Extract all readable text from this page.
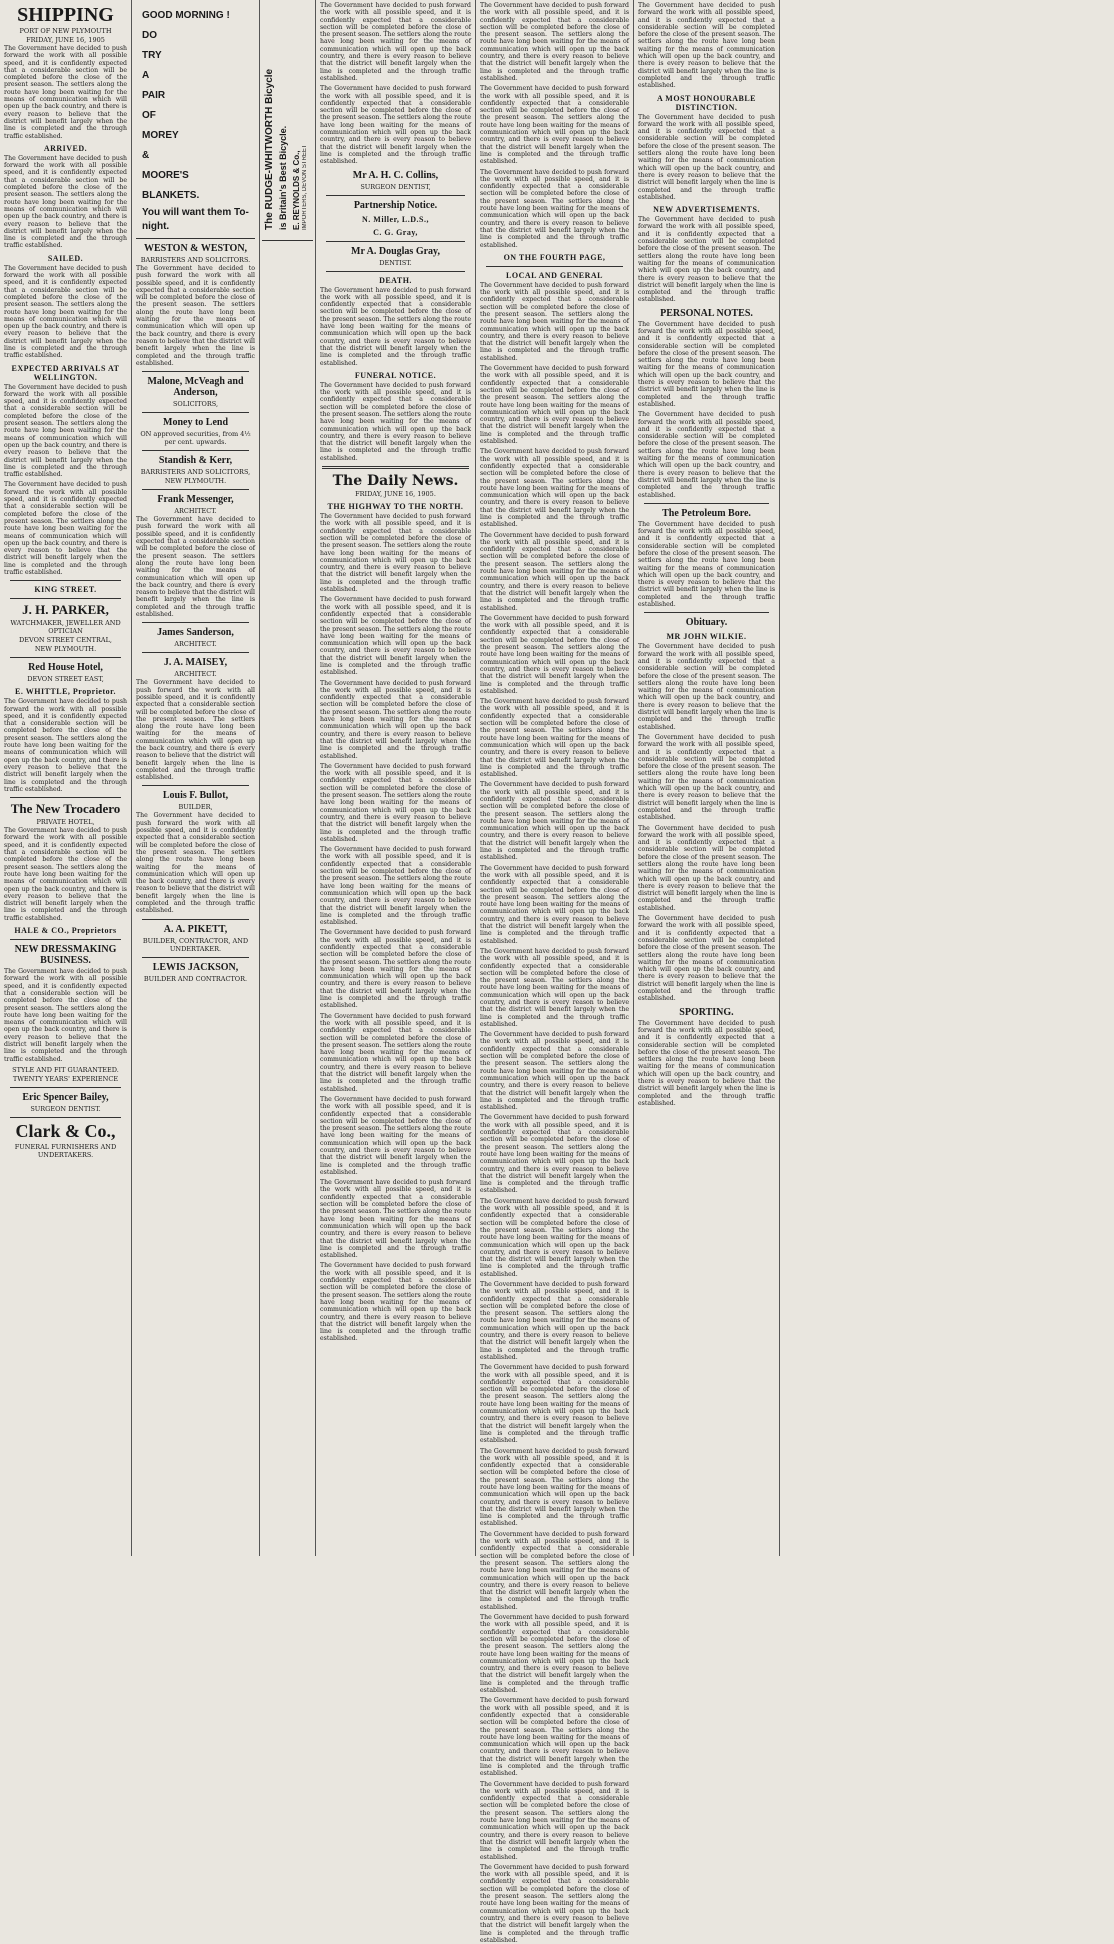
SHIPPING
PORT OF NEW PLYMOUTH
FRIDAY, JUNE 16, 1905

The Government have decided to push forward the work with all possible speed, and it is confidently expected that a considerable section will be completed before the close of the present season. The settlers along the route have long been waiting for the means of communication which will open up the back country, and there is every reason to believe that the district will benefit largely when the line is completed and the through traffic established.

ARRIVED.

The Government have decided to push forward the work with all possible speed, and it is confidently expected that a considerable section will be completed before the close of the present season. The settlers along the route have long been waiting for the means of communication which will open up the back country, and there is every reason to believe that the district will benefit largely when the line is completed and the through traffic established.

SAILED.

The Government have decided to push forward the work with all possible speed, and it is confidently expected that a considerable section will be completed before the close of the present season. The settlers along the route have long been waiting for the means of communication which will open up the back country, and there is every reason to believe that the district will benefit largely when the line is completed and the through traffic established.

EXPECTED ARRIVALS AT WELLINGTON.

The Government have decided to push forward the work with all possible speed, and it is confidently expected that a considerable section will be completed before the close of the present season. The settlers along the route have long been waiting for the means of communication which will open up the back country, and there is every reason to believe that the district will benefit largely when the line is completed and the through traffic established.

The Government have decided to push forward the work with all possible speed, and it is confidently expected that a considerable section will be completed before the close of the present season. The settlers along the route have long been waiting for the means of communication which will open up the back country, and there is every reason to believe that the district will benefit largely when the line is completed and the through traffic established.

KING STREET.
J. H. PARKER,
WATCHMAKER, JEWELLER AND OPTICIAN
DEVON STREET CENTRAL,
NEW PLYMOUTH.
Red House Hotel,
DEVON STREET EAST,
E. WHITTLE, Proprietor.

The Government have decided to push forward the work with all possible speed, and it is confidently expected that a considerable section will be completed before the close of the present season. The settlers along the route have long been waiting for the means of communication which will open up the back country, and there is every reason to believe that the district will benefit largely when the line is completed and the through traffic established.

The New Trocadero
PRIVATE HOTEL,

The Government have decided to push forward the work with all possible speed, and it is confidently expected that a considerable section will be completed before the close of the present season. The settlers along the route have long been waiting for the means of communication which will open up the back country, and there is every reason to believe that the district will benefit largely when the line is completed and the through traffic established.

HALE & CO., Proprietors
NEW DRESSMAKING BUSINESS.

The Government have decided to push forward the work with all possible speed, and it is confidently expected that a considerable section will be completed before the close of the present season. The settlers along the route have long been waiting for the means of communication which will open up the back country, and there is every reason to believe that the district will benefit largely when the line is completed and the through traffic established.

STYLE AND FIT GUARANTEED.
TWENTY YEARS' EXPERIENCE
Eric Spencer Bailey,
SURGEON DENTIST.
Clark & Co.,
FUNERAL FURNISHERS AND UNDERTAKERS.
GOOD MORNING !
DO
TRY
A
PAIR
OF
MOREY
&
MOORE'S
BLANKETS.
You will want them To-night.
WESTON & WESTON,
BARRISTERS AND SOLICITORS.

The Government have decided to push forward the work with all possible speed, and it is confidently expected that a considerable section will be completed before the close of the present season. The settlers along the route have long been waiting for the means of communication which will open up the back country, and there is every reason to believe that the district will benefit largely when the line is completed and the through traffic established.

Malone, McVeagh and Anderson,
SOLICITORS,
Money to Lend
ON approved securities, from 4½ per cent. upwards.
Standish & Kerr,
BARRISTERS AND SOLICITORS,
NEW PLYMOUTH.
Frank Messenger,
ARCHITECT.

The Government have decided to push forward the work with all possible speed, and it is confidently expected that a considerable section will be completed before the close of the present season. The settlers along the route have long been waiting for the means of communication which will open up the back country, and there is every reason to believe that the district will benefit largely when the line is completed and the through traffic established.

James Sanderson,
ARCHITECT.
J. A. MAISEY,
ARCHITECT.

The Government have decided to push forward the work with all possible speed, and it is confidently expected that a considerable section will be completed before the close of the present season. The settlers along the route have long been waiting for the means of communication which will open up the back country, and there is every reason to believe that the district will benefit largely when the line is completed and the through traffic established.

Louis F. Bullot,
BUILDER,

The Government have decided to push forward the work with all possible speed, and it is confidently expected that a considerable section will be completed before the close of the present season. The settlers along the route have long been waiting for the means of communication which will open up the back country, and there is every reason to believe that the district will benefit largely when the line is completed and the through traffic established.

A. A. PIKETT,
BUILDER, CONTRACTOR, AND UNDERTAKER.
LEWIS JACKSON,
BUILDER AND CONTRACTOR.
The RUDGE-WHITWORTH Bicycle is Britain's Best Bicycle. E. REYNOLDS & Co., IMPORTERS, DEVON STREET

The Government have decided to push forward the work with all possible speed, and it is confidently expected that a considerable section will be completed before the close of the present season. The settlers along the route have long been waiting for the means of communication which will open up the back country, and there is every reason to believe that the district will benefit largely when the line is completed and the through traffic established.

The Government have decided to push forward the work with all possible speed, and it is confidently expected that a considerable section will be completed before the close of the present season. The settlers along the route have long been waiting for the means of communication which will open up the back country, and there is every reason to believe that the district will benefit largely when the line is completed and the through traffic established.

Mr A. H. C. Collins,
SURGEON DENTIST,
Partnership Notice.
N. Miller, L.D.S.,
C. G. Gray,
Mr A. Douglas Gray,
DENTIST.
DEATH.

The Government have decided to push forward the work with all possible speed, and it is confidently expected that a considerable section will be completed before the close of the present season. The settlers along the route have long been waiting for the means of communication which will open up the back country, and there is every reason to believe that the district will benefit largely when the line is completed and the through traffic established.

FUNERAL NOTICE.

The Government have decided to push forward the work with all possible speed, and it is confidently expected that a considerable section will be completed before the close of the present season. The settlers along the route have long been waiting for the means of communication which will open up the back country, and there is every reason to believe that the district will benefit largely when the line is completed and the through traffic established.

The Daily News.
FRIDAY, JUNE 16, 1905.
THE HIGHWAY TO THE NORTH.

The Government have decided to push forward the work with all possible speed, and it is confidently expected that a considerable section will be completed before the close of the present season. The settlers along the route have long been waiting for the means of communication which will open up the back country, and there is every reason to believe that the district will benefit largely when the line is completed and the through traffic established.

The Government have decided to push forward the work with all possible speed, and it is confidently expected that a considerable section will be completed before the close of the present season. The settlers along the route have long been waiting for the means of communication which will open up the back country, and there is every reason to believe that the district will benefit largely when the line is completed and the through traffic established.

The Government have decided to push forward the work with all possible speed, and it is confidently expected that a considerable section will be completed before the close of the present season. The settlers along the route have long been waiting for the means of communication which will open up the back country, and there is every reason to believe that the district will benefit largely when the line is completed and the through traffic established.

The Government have decided to push forward the work with all possible speed, and it is confidently expected that a considerable section will be completed before the close of the present season. The settlers along the route have long been waiting for the means of communication which will open up the back country, and there is every reason to believe that the district will benefit largely when the line is completed and the through traffic established.

The Government have decided to push forward the work with all possible speed, and it is confidently expected that a considerable section will be completed before the close of the present season. The settlers along the route have long been waiting for the means of communication which will open up the back country, and there is every reason to believe that the district will benefit largely when the line is completed and the through traffic established.

The Government have decided to push forward the work with all possible speed, and it is confidently expected that a considerable section will be completed before the close of the present season. The settlers along the route have long been waiting for the means of communication which will open up the back country, and there is every reason to believe that the district will benefit largely when the line is completed and the through traffic established.

The Government have decided to push forward the work with all possible speed, and it is confidently expected that a considerable section will be completed before the close of the present season. The settlers along the route have long been waiting for the means of communication which will open up the back country, and there is every reason to believe that the district will benefit largely when the line is completed and the through traffic established.

The Government have decided to push forward the work with all possible speed, and it is confidently expected that a considerable section will be completed before the close of the present season. The settlers along the route have long been waiting for the means of communication which will open up the back country, and there is every reason to believe that the district will benefit largely when the line is completed and the through traffic established.

The Government have decided to push forward the work with all possible speed, and it is confidently expected that a considerable section will be completed before the close of the present season. The settlers along the route have long been waiting for the means of communication which will open up the back country, and there is every reason to believe that the district will benefit largely when the line is completed and the through traffic established.

The Government have decided to push forward the work with all possible speed, and it is confidently expected that a considerable section will be completed before the close of the present season. The settlers along the route have long been waiting for the means of communication which will open up the back country, and there is every reason to believe that the district will benefit largely when the line is completed and the through traffic established.

The Government have decided to push forward the work with all possible speed, and it is confidently expected that a considerable section will be completed before the close of the present season. The settlers along the route have long been waiting for the means of communication which will open up the back country, and there is every reason to believe that the district will benefit largely when the line is completed and the through traffic established.

The Government have decided to push forward the work with all possible speed, and it is confidently expected that a considerable section will be completed before the close of the present season. The settlers along the route have long been waiting for the means of communication which will open up the back country, and there is every reason to believe that the district will benefit largely when the line is completed and the through traffic established.

The Government have decided to push forward the work with all possible speed, and it is confidently expected that a considerable section will be completed before the close of the present season. The settlers along the route have long been waiting for the means of communication which will open up the back country, and there is every reason to believe that the district will benefit largely when the line is completed and the through traffic established.

ON THE FOURTH PAGE,
LOCAL AND GENERAL

The Government have decided to push forward the work with all possible speed, and it is confidently expected that a considerable section will be completed before the close of the present season. The settlers along the route have long been waiting for the means of communication which will open up the back country, and there is every reason to believe that the district will benefit largely when the line is completed and the through traffic established.

The Government have decided to push forward the work with all possible speed, and it is confidently expected that a considerable section will be completed before the close of the present season. The settlers along the route have long been waiting for the means of communication which will open up the back country, and there is every reason to believe that the district will benefit largely when the line is completed and the through traffic established.

The Government have decided to push forward the work with all possible speed, and it is confidently expected that a considerable section will be completed before the close of the present season. The settlers along the route have long been waiting for the means of communication which will open up the back country, and there is every reason to believe that the district will benefit largely when the line is completed and the through traffic established.

The Government have decided to push forward the work with all possible speed, and it is confidently expected that a considerable section will be completed before the close of the present season. The settlers along the route have long been waiting for the means of communication which will open up the back country, and there is every reason to believe that the district will benefit largely when the line is completed and the through traffic established.

The Government have decided to push forward the work with all possible speed, and it is confidently expected that a considerable section will be completed before the close of the present season. The settlers along the route have long been waiting for the means of communication which will open up the back country, and there is every reason to believe that the district will benefit largely when the line is completed and the through traffic established.

The Government have decided to push forward the work with all possible speed, and it is confidently expected that a considerable section will be completed before the close of the present season. The settlers along the route have long been waiting for the means of communication which will open up the back country, and there is every reason to believe that the district will benefit largely when the line is completed and the through traffic established.

The Government have decided to push forward the work with all possible speed, and it is confidently expected that a considerable section will be completed before the close of the present season. The settlers along the route have long been waiting for the means of communication which will open up the back country, and there is every reason to believe that the district will benefit largely when the line is completed and the through traffic established.

The Government have decided to push forward the work with all possible speed, and it is confidently expected that a considerable section will be completed before the close of the present season. The settlers along the route have long been waiting for the means of communication which will open up the back country, and there is every reason to believe that the district will benefit largely when the line is completed and the through traffic established.

The Government have decided to push forward the work with all possible speed, and it is confidently expected that a considerable section will be completed before the close of the present season. The settlers along the route have long been waiting for the means of communication which will open up the back country, and there is every reason to believe that the district will benefit largely when the line is completed and the through traffic established.

The Government have decided to push forward the work with all possible speed, and it is confidently expected that a considerable section will be completed before the close of the present season. The settlers along the route have long been waiting for the means of communication which will open up the back country, and there is every reason to believe that the district will benefit largely when the line is completed and the through traffic established.

The Government have decided to push forward the work with all possible speed, and it is confidently expected that a considerable section will be completed before the close of the present season. The settlers along the route have long been waiting for the means of communication which will open up the back country, and there is every reason to believe that the district will benefit largely when the line is completed and the through traffic established.

The Government have decided to push forward the work with all possible speed, and it is confidently expected that a considerable section will be completed before the close of the present season. The settlers along the route have long been waiting for the means of communication which will open up the back country, and there is every reason to believe that the district will benefit largely when the line is completed and the through traffic established.

The Government have decided to push forward the work with all possible speed, and it is confidently expected that a considerable section will be completed before the close of the present season. The settlers along the route have long been waiting for the means of communication which will open up the back country, and there is every reason to believe that the district will benefit largely when the line is completed and the through traffic established.

The Government have decided to push forward the work with all possible speed, and it is confidently expected that a considerable section will be completed before the close of the present season. The settlers along the route have long been waiting for the means of communication which will open up the back country, and there is every reason to believe that the district will benefit largely when the line is completed and the through traffic established.

The Government have decided to push forward the work with all possible speed, and it is confidently expected that a considerable section will be completed before the close of the present season. The settlers along the route have long been waiting for the means of communication which will open up the back country, and there is every reason to believe that the district will benefit largely when the line is completed and the through traffic established.

The Government have decided to push forward the work with all possible speed, and it is confidently expected that a considerable section will be completed before the close of the present season. The settlers along the route have long been waiting for the means of communication which will open up the back country, and there is every reason to believe that the district will benefit largely when the line is completed and the through traffic established.

The Government have decided to push forward the work with all possible speed, and it is confidently expected that a considerable section will be completed before the close of the present season. The settlers along the route have long been waiting for the means of communication which will open up the back country, and there is every reason to believe that the district will benefit largely when the line is completed and the through traffic established.

The Government have decided to push forward the work with all possible speed, and it is confidently expected that a considerable section will be completed before the close of the present season. The settlers along the route have long been waiting for the means of communication which will open up the back country, and there is every reason to believe that the district will benefit largely when the line is completed and the through traffic established.

The Government have decided to push forward the work with all possible speed, and it is confidently expected that a considerable section will be completed before the close of the present season. The settlers along the route have long been waiting for the means of communication which will open up the back country, and there is every reason to believe that the district will benefit largely when the line is completed and the through traffic established.

The Government have decided to push forward the work with all possible speed, and it is confidently expected that a considerable section will be completed before the close of the present season. The settlers along the route have long been waiting for the means of communication which will open up the back country, and there is every reason to believe that the district will benefit largely when the line is completed and the through traffic established.

The Government have decided to push forward the work with all possible speed, and it is confidently expected that a considerable section will be completed before the close of the present season. The settlers along the route have long been waiting for the means of communication which will open up the back country, and there is every reason to believe that the district will benefit largely when the line is completed and the through traffic established.

A MOST HONOURABLE DISTINCTION.

The Government have decided to push forward the work with all possible speed, and it is confidently expected that a considerable section will be completed before the close of the present season. The settlers along the route have long been waiting for the means of communication which will open up the back country, and there is every reason to believe that the district will benefit largely when the line is completed and the through traffic established.

NEW ADVERTISEMENTS.

The Government have decided to push forward the work with all possible speed, and it is confidently expected that a considerable section will be completed before the close of the present season. The settlers along the route have long been waiting for the means of communication which will open up the back country, and there is every reason to believe that the district will benefit largely when the line is completed and the through traffic established.

PERSONAL NOTES.

The Government have decided to push forward the work with all possible speed, and it is confidently expected that a considerable section will be completed before the close of the present season. The settlers along the route have long been waiting for the means of communication which will open up the back country, and there is every reason to believe that the district will benefit largely when the line is completed and the through traffic established.

The Government have decided to push forward the work with all possible speed, and it is confidently expected that a considerable section will be completed before the close of the present season. The settlers along the route have long been waiting for the means of communication which will open up the back country, and there is every reason to believe that the district will benefit largely when the line is completed and the through traffic established.

The Petroleum Bore.

The Government have decided to push forward the work with all possible speed, and it is confidently expected that a considerable section will be completed before the close of the present season. The settlers along the route have long been waiting for the means of communication which will open up the back country, and there is every reason to believe that the district will benefit largely when the line is completed and the through traffic established.

Obituary.
MR JOHN WILKIE.

The Government have decided to push forward the work with all possible speed, and it is confidently expected that a considerable section will be completed before the close of the present season. The settlers along the route have long been waiting for the means of communication which will open up the back country, and there is every reason to believe that the district will benefit largely when the line is completed and the through traffic established.

The Government have decided to push forward the work with all possible speed, and it is confidently expected that a considerable section will be completed before the close of the present season. The settlers along the route have long been waiting for the means of communication which will open up the back country, and there is every reason to believe that the district will benefit largely when the line is completed and the through traffic established.

The Government have decided to push forward the work with all possible speed, and it is confidently expected that a considerable section will be completed before the close of the present season. The settlers along the route have long been waiting for the means of communication which will open up the back country, and there is every reason to believe that the district will benefit largely when the line is completed and the through traffic established.

The Government have decided to push forward the work with all possible speed, and it is confidently expected that a considerable section will be completed before the close of the present season. The settlers along the route have long been waiting for the means of communication which will open up the back country, and there is every reason to believe that the district will benefit largely when the line is completed and the through traffic established.

SPORTING.

The Government have decided to push forward the work with all possible speed, and it is confidently expected that a considerable section will be completed before the close of the present season. The settlers along the route have long been waiting for the means of communication which will open up the back country, and there is every reason to believe that the district will benefit largely when the line is completed and the through traffic established.
